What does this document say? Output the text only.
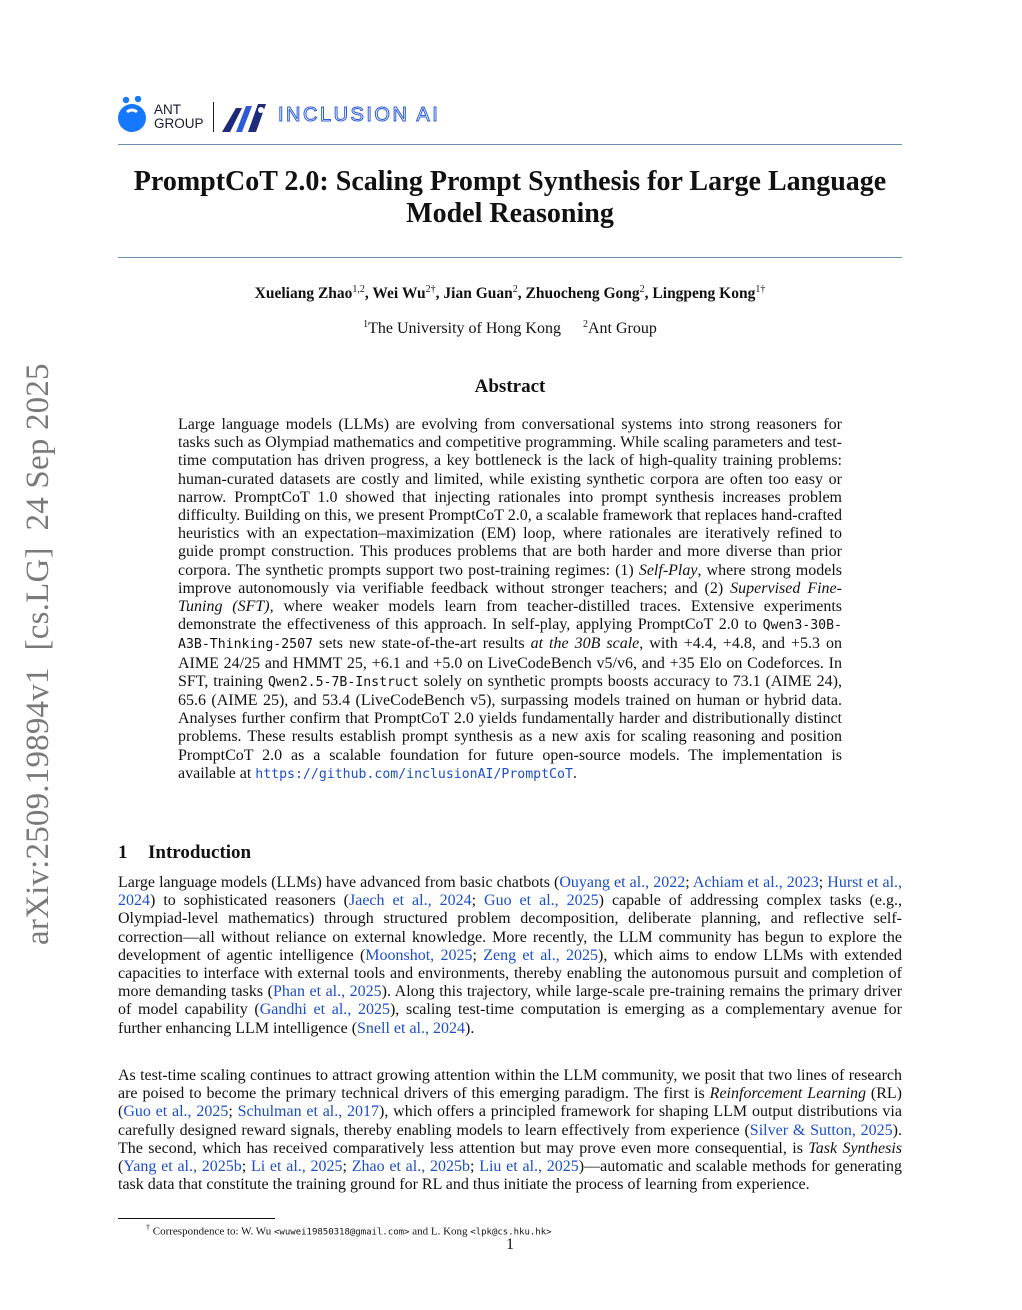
arXiv:2509.19894v1  [cs.LG]  24 Sep 2025
ANT
GROUP	INCLUSION AI
PromptCoT 2.0: Scaling Prompt Synthesis for Large Language
Model Reasoning
Xueliang Zhao$^{1,2}$, Wei $Wu^{2\dagger}$, Jian Guan$^2$, Zhuocheng Gong$^2$, Lingpeng Kong$^{1\dagger}$
$^1$The University of Hong Kong $^2$Ant Group
Abstract

Large language models (LLMs) are evolving from conversational systems into strong reasoners for tasks such as Olympiad mathematics and competitive programming. While scaling parameters and test-time computation has driven progress, a key bottleneck is the lack of high-quality training problems: human-curated datasets are costly and limited, while existing synthetic corpora are often too easy or narrow. PromptCoT 1.0 showed that injecting rationales into prompt synthesis increases problem difficulty. Building on this, we present PromptCoT 2.0, a scalable framework that replaces hand-crafted heuristics with an expectation–maximization (EM) loop, where rationales are iteratively refined to guide prompt construction. This produces problems that are both harder and more diverse than prior corpora. The synthetic prompts support two post-training regimes: (1) Self-Play, where strong models improve autonomously via verifiable feedback without stronger teachers; and (2) Supervised Fine-Tuning (SFT), where weaker models learn from teacher-distilled traces. Extensive experiments demonstrate the effectiveness of this approach. In self-play, applying PromptCoT 2.0 to Qwen3-30B-A3B-Thinking-2507 sets new state-of-the-art results at the 30B scale, with +4.4, +4.8, and +5.3 on AIME 24/25 and HMMT 25, +6.1 and +5.0 on LiveCodeBench v5/v6, and +35 Elo on Codeforces. In SFT, training Qwen2.5-7B-Instruct solely on synthetic prompts boosts accuracy to 73.1 (AIME 24), 65.6 (AIME 25), and 53.4 (LiveCodeBench v5), surpassing models trained on human or hybrid data. Analyses further confirm that PromptCoT 2.0 yields fundamentally harder and distributionally distinct problems. These results establish prompt synthesis as a new axis for scaling reasoning and position PromptCoT 2.0 as a scalable foundation for future open-source models. The implementation is available at https://github.com/inclusionAI/PromptCoT.

1 Introduction

Large language models (LLMs) have advanced from basic chatbots (Ouyang et al., 2022; Achiam et al., 2023; Hurst et al., 2024) to sophisticated reasoners (Jaech et al., 2024; Guo et al., 2025) capable of addressing complex tasks (e.g., Olympiad-level mathematics) through structured problem decomposition, deliberate planning, and reflective self-correction—all without reliance on external knowledge. More recently, the LLM community has begun to explore the development of agentic intelligence (Moonshot, 2025; Zeng et al., 2025), which aims to endow LLMs with extended capacities to interface with external tools and environments, thereby enabling the autonomous pursuit and completion of more demanding tasks (Phan et al., 2025). Along this trajectory, while large-scale pre-training remains the primary driver of model capability (Gandhi et al., 2025), scaling test-time computation is emerging as a complementary avenue for further enhancing LLM intelligence (Snell et al., 2024).

As test-time scaling continues to attract growing attention within the LLM community, we posit that two lines of research are poised to become the primary technical drivers of this emerging paradigm. The first is Reinforcement Learning (RL) (Guo et al., 2025; Schulman et al., 2017), which offers a principled framework for shaping LLM output distributions via carefully designed reward signals, thereby enabling models to learn effectively from experience (Silver & Sutton, 2025). The second, which has received comparatively less attention but may prove even more consequential, is Task Synthesis (Yang et al., 2025b; Li et al., 2025; Zhao et al., 2025b; Liu et al., 2025)—automatic and scalable methods for generating task data that constitute the training ground for RL and thus initiate the process of learning from experience.

† Correspondence to: W. Wu <wuwei19850318@gmail.com> and L. Kong <lpk@cs.hku.hk>
1
